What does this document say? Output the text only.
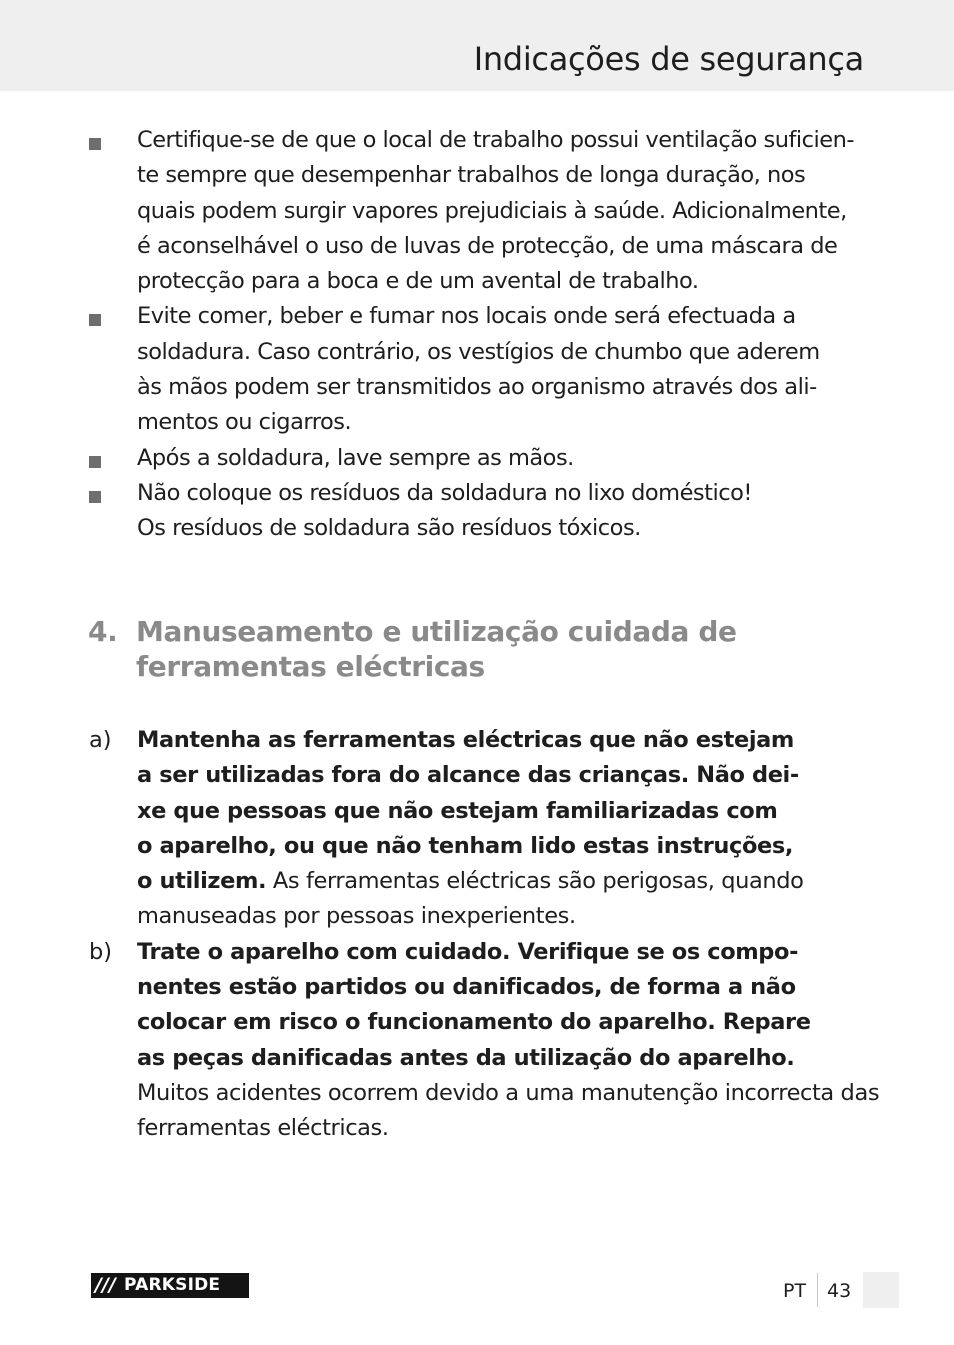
Indicações de segurança
Certifique-se de que o local de trabalho possui ventilação suficien-
te sempre que desempenhar trabalhos de longa duração, nos
quais podem surgir vapores prejudiciais à saúde. Adicionalmente,
é aconselhável o uso de luvas de protecção, de uma máscara de
protecção para a boca e de um avental de trabalho.
Evite comer, beber e fumar nos locais onde será efectuada a
soldadura. Caso contrário, os vestígios de chumbo que aderem
às mãos podem ser transmitidos ao organismo através dos ali-
mentos ou cigarros.
Após a soldadura, lave sempre as mãos.
Não coloque os resíduos da soldadura no lixo doméstico!
Os resíduos de soldadura são resíduos tóxicos.
4. Manuseamento e utilização cuidada de
ferramentas eléctricas
a) Mantenha as ferramentas eléctricas que não estejam
a ser utilizadas fora do alcance das crianças. Não dei-
xe que pessoas que não estejam familiarizadas com
o aparelho, ou que não tenham lido estas instruções,
o utilizem. As ferramentas eléctricas são perigosas, quando
manuseadas por pessoas inexperientes.
b) Trate o aparelho com cuidado. Verifique se os compo-
nentes estão partidos ou danificados, de forma a não
colocar em risco o funcionamento do aparelho. Repare
as peças danificadas antes da utilização do aparelho.
Muitos acidentes ocorrem devido a uma manutenção incorrecta das
ferramentas eléctricas.
/// PARKSIDE	PT 43
